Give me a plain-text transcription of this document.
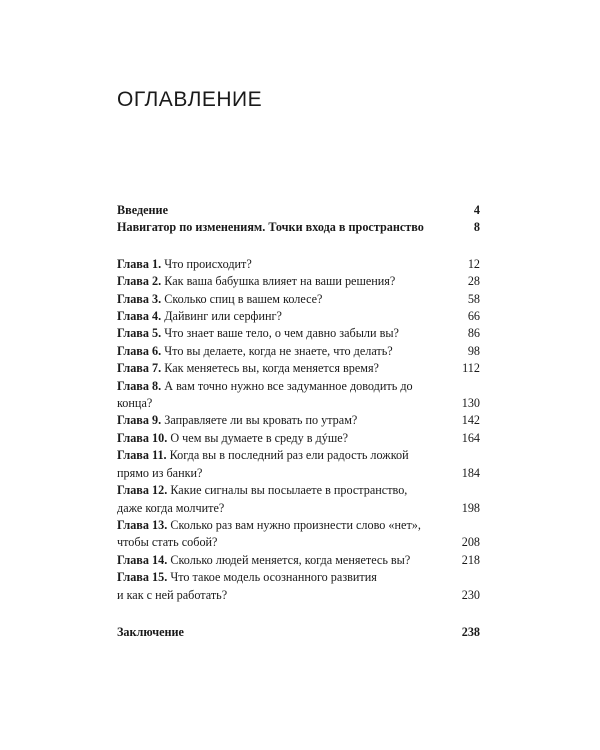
ОГЛАВЛЕНИЕ
Введение	4
Навигатор по изменениям. Точки входа в пространство	8
Глава 1. Что происходит?	12
Глава 2. Как ваша бабушка влияет на ваши решения?	28
Глава 3. Сколько спиц в вашем колесе?	58
Глава 4. Дайвинг или серфинг?	66
Глава 5. Что знает ваше тело, о чем давно забыли вы?	86
Глава 6. Что вы делаете, когда не знаете, что делать?	98
Глава 7. Как меняетесь вы, когда меняется время?	112
Глава 8. А вам точно нужно все задуманное доводить до конца?	130
Глава 9. Заправляете ли вы кровать по утрам?	142
Глава 10. О чем вы думаете в среду в дýше?	164
Глава 11. Когда вы в последний раз ели радость ложкой
прямо из банки?	184
Глава 12. Какие сигналы вы посылаете в пространство,
даже когда молчите?	198
Глава 13. Сколько раз вам нужно произнести слово «нет»,
чтобы стать собой?	208
Глава 14. Сколько людей меняется, когда меняетесь вы?	218
Глава 15. Что такое модель осознанного развития
и как с ней работать?	230
Заключение	238
